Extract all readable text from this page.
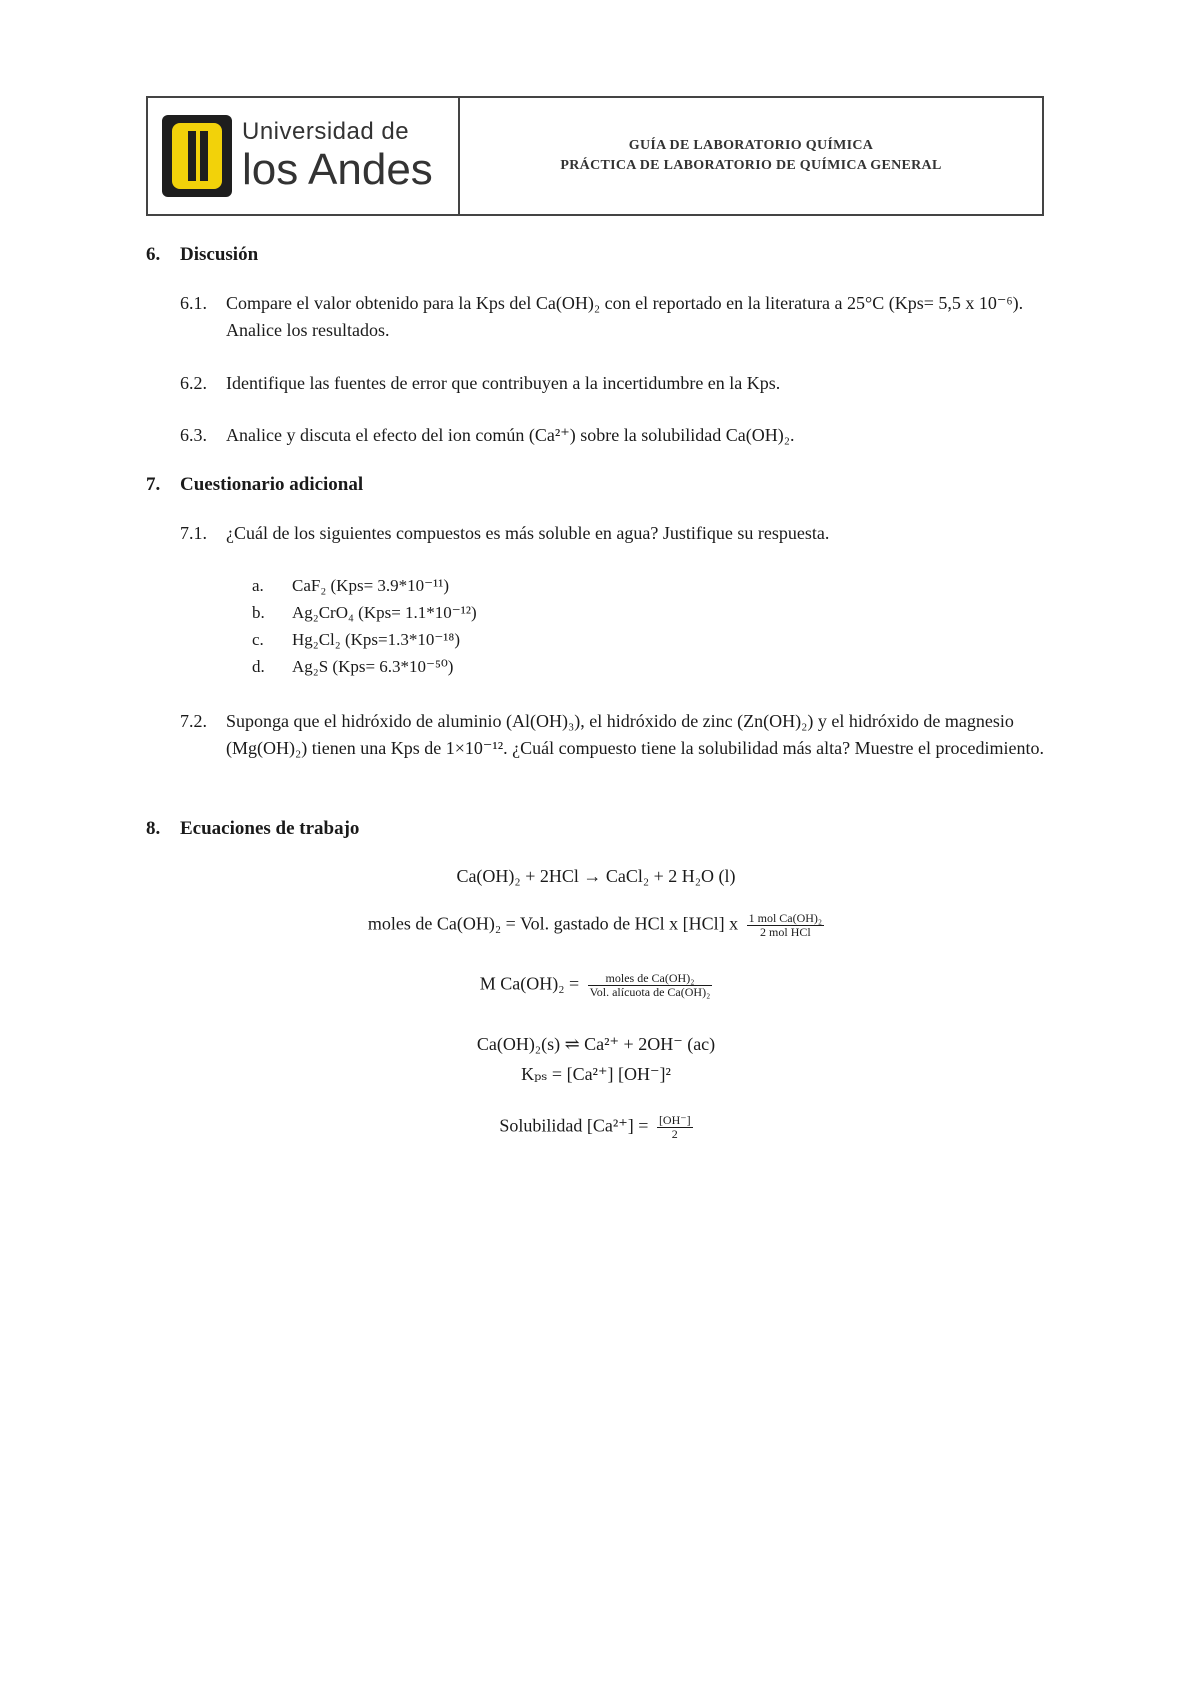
Universidad de
los Andes	GUÍA DE LABORATORIO QUÍMICA
PRÁCTICA DE LABORATORIO DE QUÍMICA GENERAL
6. Discusión
6.1.	Compare el valor obtenido para la Kps del Ca(OH)₂ con el reportado en la literatura a 25°C (Kps= 5,5 x 10⁻⁶). Analice los resultados.
6.2.	Identifique las fuentes de error que contribuyen a la incertidumbre en la Kps.
6.3.	Analice y discuta el efecto del ion común (Ca²⁺) sobre la solubilidad Ca(OH)₂.
7. Cuestionario adicional
7.1.	¿Cuál de los siguientes compuestos es más soluble en agua? Justifique su respuesta.
a. CaF₂ (Kps= 3.9*10⁻¹¹)
b. Ag₂CrO₄ (Kps= 1.1*10⁻¹²)
c. Hg₂Cl₂ (Kps=1.3*10⁻¹⁸)
d. Ag₂S (Kps= 6.3*10⁻⁵⁰)
7.2.	Suponga que el hidróxido de aluminio (Al(OH)₃), el hidróxido de zinc (Zn(OH)₂) y el hidróxido de magnesio (Mg(OH)₂) tienen una Kps de 1×10⁻¹². ¿Cuál compuesto tiene la solubilidad más alta? Muestre el procedimiento.
8. Ecuaciones de trabajo
Ca(OH)₂ + 2HCl → CaCl₂ + 2 H₂O (l)
moles de Ca(OH)₂ = Vol. gastado de HCl x [HCl] x $\frac{\text{1 mol Ca(OH)₂}}{\text{2 mol HCl}}$
M $Ca(OH)_2 = \frac{\text{moles de Ca(OH)₂}}{\text{Vol. alícuota de Ca(OH)₂}}$
Ca(OH)₂(s) ⇌ Ca²⁺ + 2OH⁻ (ac)
Kₚₛ = [Ca²⁺] [OH⁻]²
Solubilidad $[Ca^{2+}] = \frac{[OH^-]}{2}$
